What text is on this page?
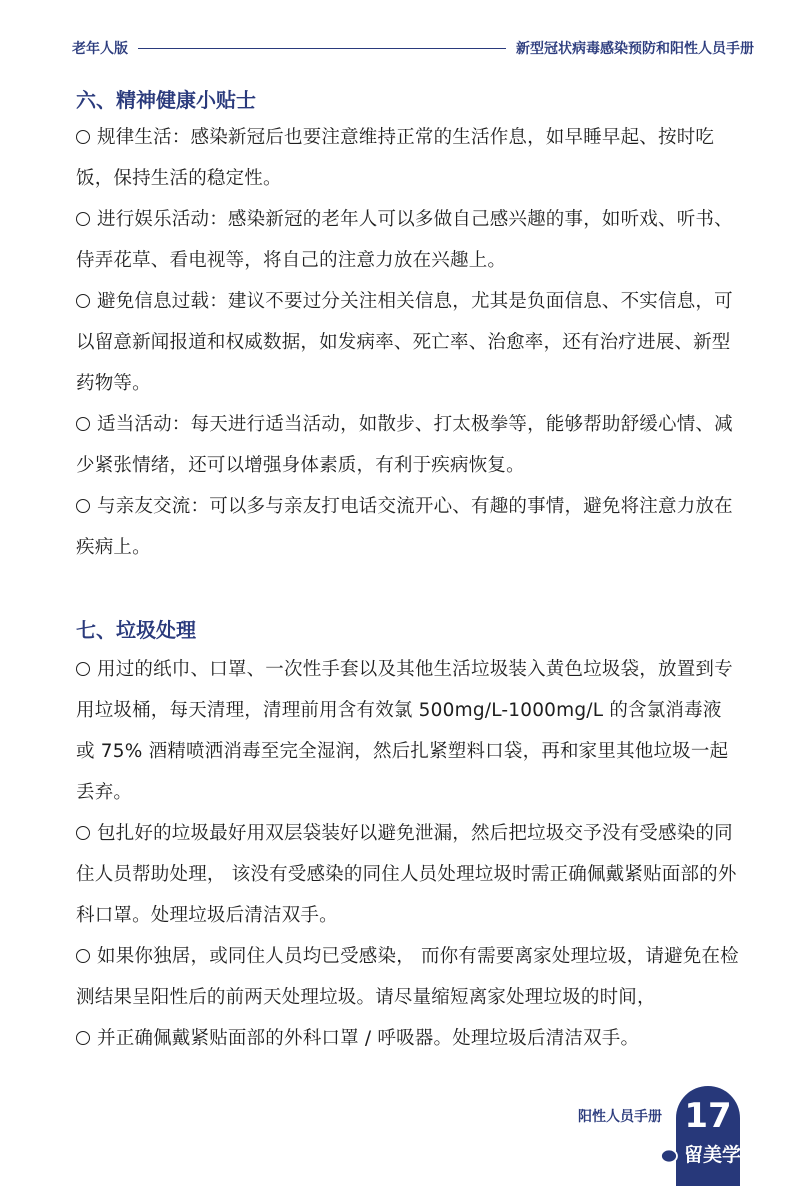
老年人版	新型冠状病毒感染预防和阳性人员手册
六、精神健康小贴士
规律生活：感染新冠后也要注意维持正常的生活作息，如早睡早起、按时吃饭，保持生活的稳定性。
进行娱乐活动：感染新冠的老年人可以多做自己感兴趣的事，如听戏、听书、侍弄花草、看电视等，将自己的注意力放在兴趣上。
避免信息过载：建议不要过分关注相关信息，尤其是负面信息、不实信息，可以留意新闻报道和权威数据，如发病率、死亡率、治愈率，还有治疗进展、新型药物等。
适当活动：每天进行适当活动，如散步、打太极拳等，能够帮助舒缓心情、减少紧张情绪，还可以增强身体素质，有利于疾病恢复。
与亲友交流：可以多与亲友打电话交流开心、有趣的事情，避免将注意力放在疾病上。
七、垃圾处理
用过的纸巾、口罩、一次性手套以及其他生活垃圾装入黄色垃圾袋，放置到专用垃圾桶，每天清理，清理前用含有效氯 500mg/L-1000mg/L 的含氯消毒液或 75% 酒精喷洒消毒至完全湿润，然后扎紧塑料口袋，再和家里其他垃圾一起丢弃。
包扎好的垃圾最好用双层袋装好以避免泄漏，然后把垃圾交予没有受感染的同住人员帮助处理， 该没有受感染的同住人员处理垃圾时需正确佩戴紧贴面部的外科口罩。处理垃圾后清洁双手。
如果你独居，或同住人员均已受感染， 而你有需要离家处理垃圾，请避免在检测结果呈阳性后的前两天处理垃圾。请尽量缩短离家处理垃圾的时间，
并正确佩戴紧贴面部的外科口罩 / 呼吸器。处理垃圾后清洁双手。
阳性人员手册 17
留美学子
